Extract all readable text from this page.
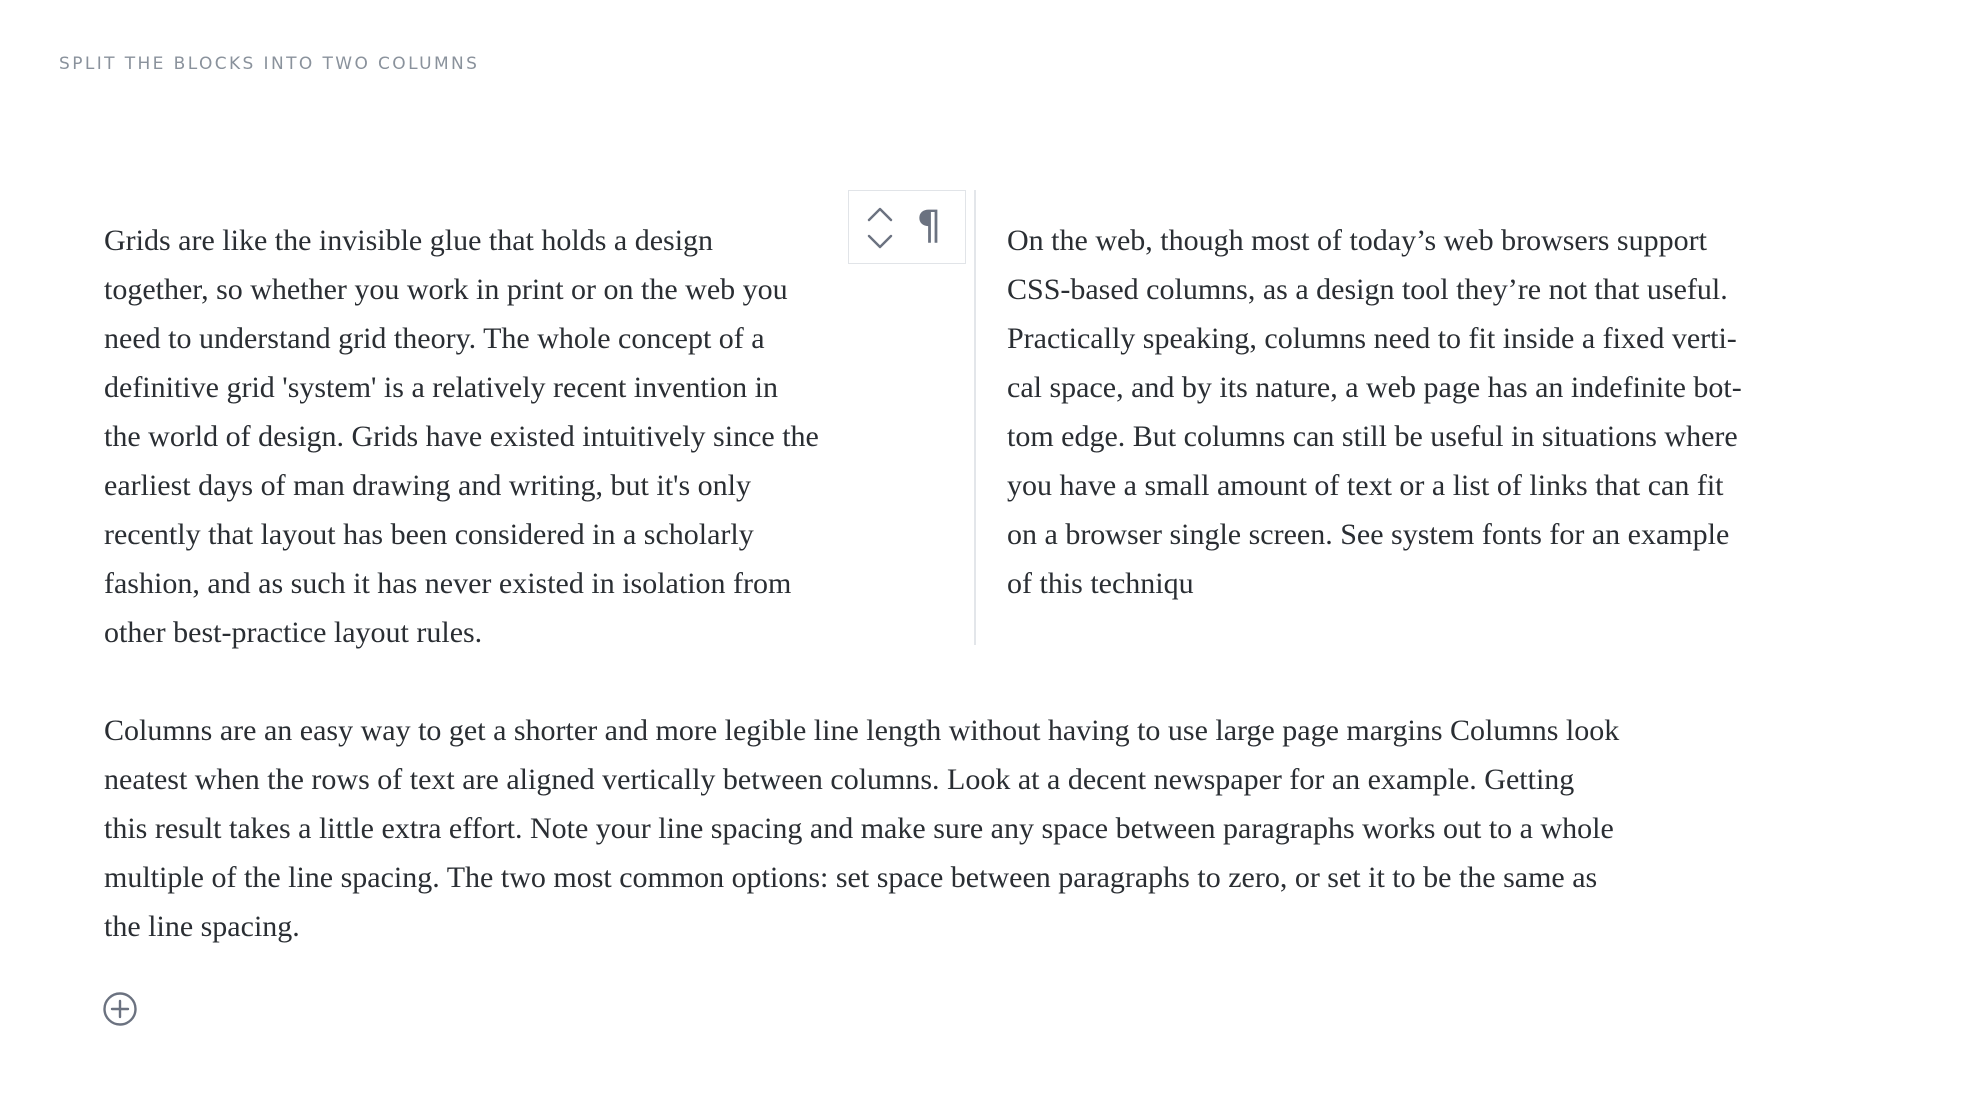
SPLIT THE BLOCKS INTO TWO COLUMNS
Grids are like the invisible glue that holds a design
together, so whether you work in print or on the web you
need to understand grid theory. The whole concept of a
definitive grid 'system' is a relatively recent invention in
the world of design. Grids have existed intuitively since the
earliest days of man drawing and writing, but it's only
recently that layout has been considered in a scholarly
fashion, and as such it has never existed in isolation from
other best-practice layout rules.
¶ On the web, though most of today’s web browsers support
CSS-based columns, as a design tool they’re not that useful.
Practically speaking, columns need to fit inside a fixed verti-
cal space, and by its nature, a web page has an indefinite bot-
tom edge. But columns can still be useful in situations where
you have a small amount of text or a list of links that can fit
on a browser single screen. See system fonts for an example
of this techniqu
Columns are an easy way to get a shorter and more legible line length without having to use large page margins Columns look
neatest when the rows of text are aligned vertically between columns. Look at a decent newspaper for an example. Getting
this result takes a little extra effort. Note your line spacing and make sure any space between paragraphs works out to a whole
multiple of the line spacing. The two most common options: set space between paragraphs to zero, or set it to be the same as
the line spacing.
